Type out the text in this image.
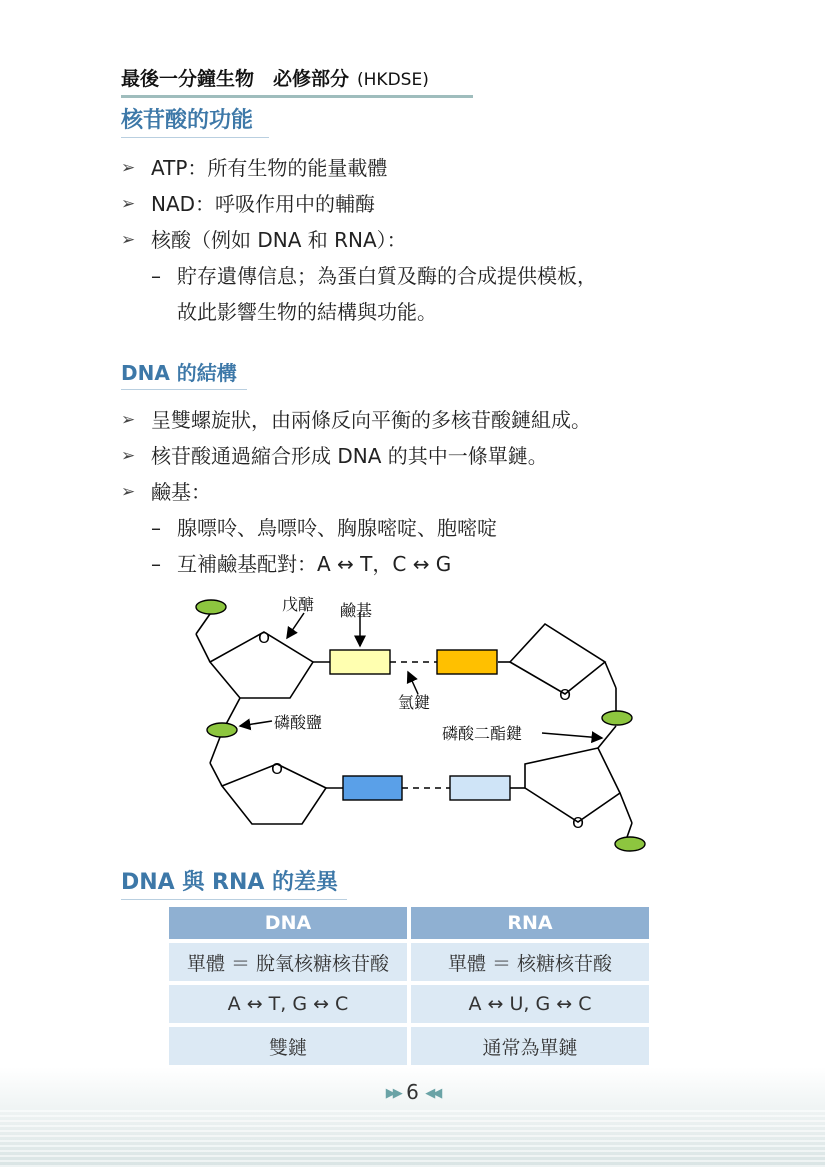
最後一分鐘生物　必修部分 (HKDSE)
核苷酸的功能
➢ ATP：所有生物的能量載體
➢ NAD：呼吸作用中的輔酶
➢ 核酸（例如 DNA 和 RNA）：
– 貯存遺傳信息；為蛋白質及酶的合成提供模板，
故此影響生物的結構與功能。
DNA 的結構
➢ 呈雙螺旋狀，由兩條反向平衡的多核苷酸鏈組成。
➢ 核苷酸通過縮合形成 DNA 的其中一條單鏈。
➢ 鹼基：
– 腺嘌呤、鳥嘌呤、胸腺嘧啶、胞嘧啶
– 互補鹼基配對：A ↔ T，C ↔ G
O
O
O
O
戊醣 鹼基
氫鍵
磷酸鹽
磷酸二酯鍵
DNA 與 RNA 的差異
DNA	RNA
單體 ＝ 脫氧核糖核苷酸	單體 ＝ 核糖核苷酸
A ↔ T, G ↔ C	A ↔ U, G ↔ C
雙鏈	通常為單鏈
▶▶ 6 ◀◀
